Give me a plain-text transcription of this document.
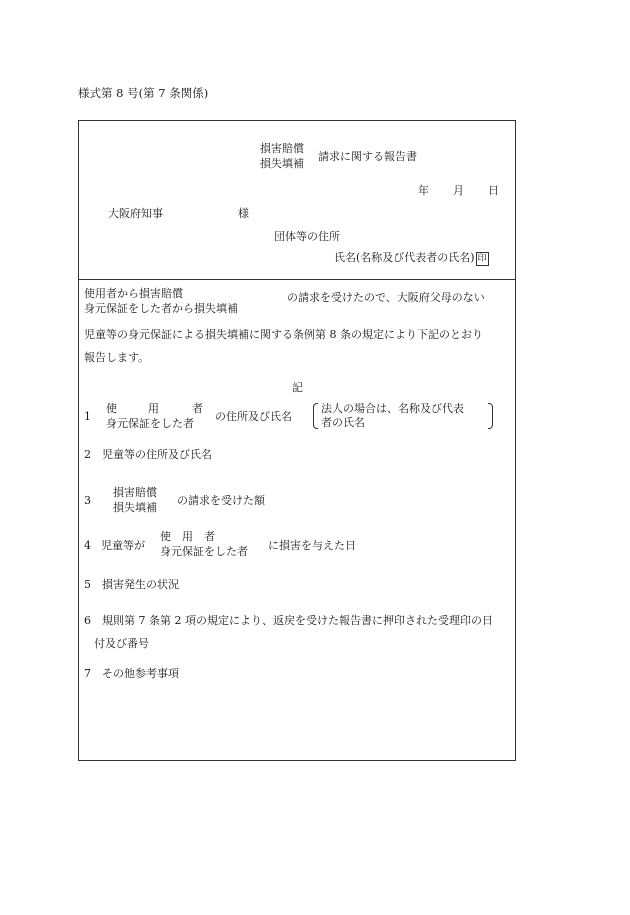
様式第 8 号(第 7 条関係)
損害賠償
損失填補
請求に関する報告書
年 月 日
大阪府知事	様
団体等の住所
氏名(名称及び代表者の氏名) 印
使用者から損害賠償
身元保証をした者から損失填補
の請求を受けたので、大阪府父母のない
児童等の身元保証による損失填補に関する条例第 8 条の規定により下記のとおり
報告します。
記
1
使	用	者
身元保証をした者
の住所及び氏名
法人の場合は、名称及び代表
者の氏名
2　児童等の住所及び氏名
3
損害賠償
損失填補
の請求を受けた額
4 児童等が
使　用　者
身元保証をした者 に損害を与えた日
5　損害発生の状況
6　規則第 7 条第 2 項の規定により、返戻を受けた報告書に押印された受理印の日
付及び番号
7　その他参考事項
